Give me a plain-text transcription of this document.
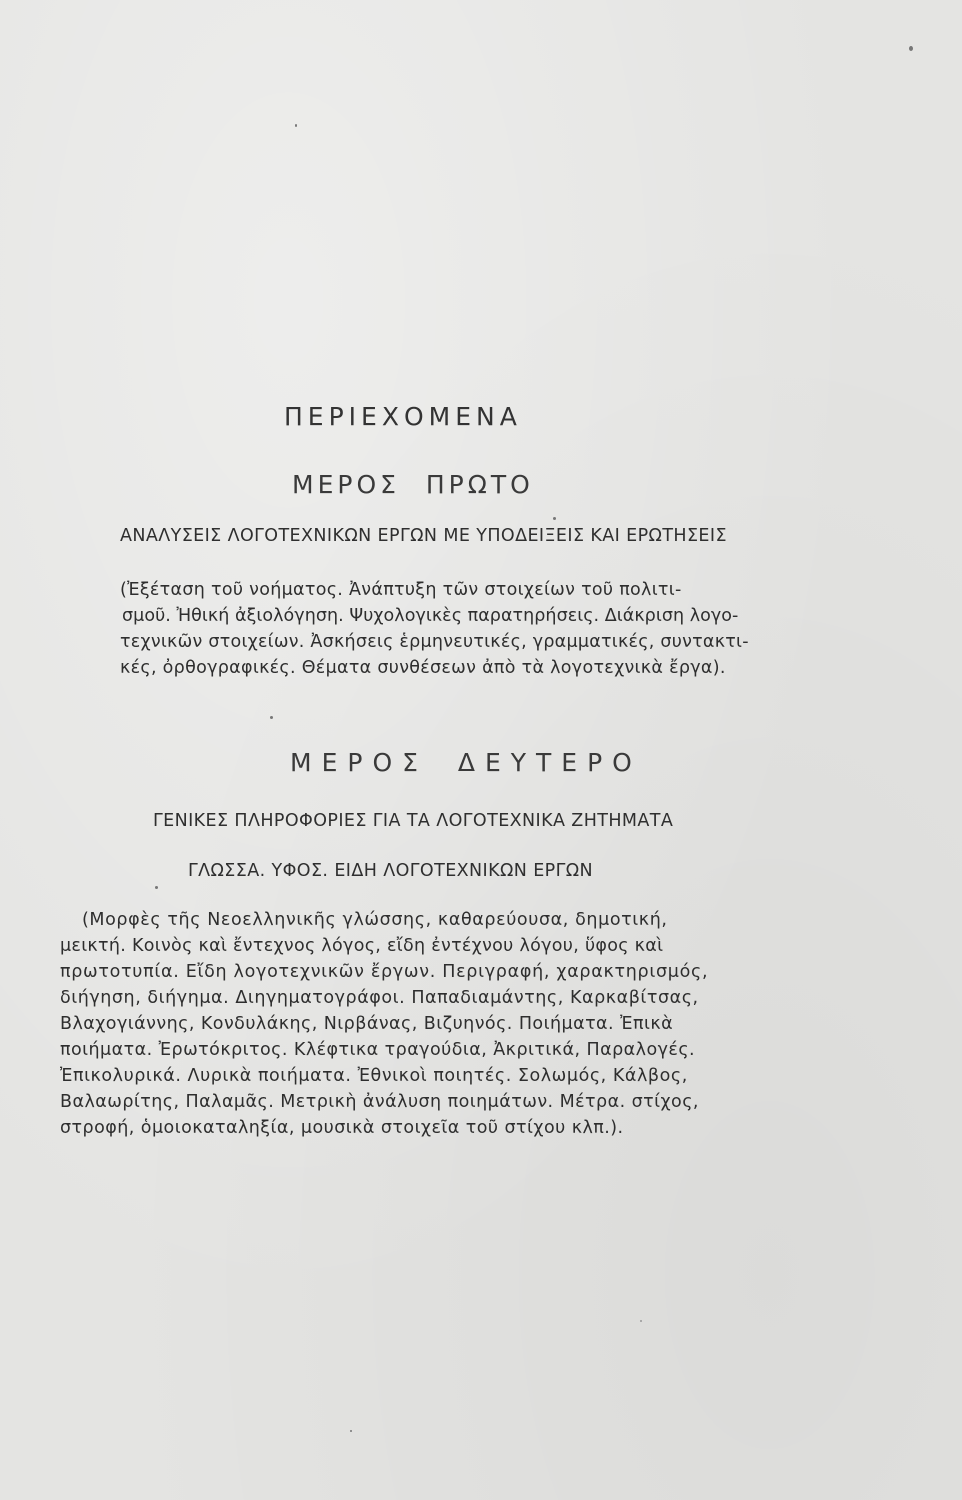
ΠΕΡΙΕΧΟΜΕΝΑ
ΜΕΡΟΣ ΠΡΩΤΟ
ΑΝΑΛΥΣΕΙΣ ΛΟΓΟΤΕΧΝΙΚΩΝ ΕΡΓΩΝ ΜΕ ΥΠΟΔΕΙΞΕΙΣ ΚΑΙ ΕΡΩΤΗΣΕΙΣ
(Ἐξέταση τοῦ νοήματος. Ἀνάπτυξη τῶν στοιχείων τοῦ πολιτι-
σμοῦ. Ἠθική ἀξιολόγηση. Ψυχολογικὲς παρατηρήσεις. Διάκριση λογο-
τεχνικῶν στοιχείων. Ἀσκήσεις ἑρμηνευτικές, γραμματικές, συντακτι-
κές, ὀρθογραφικές. Θέματα συνθέσεων ἀπὸ τὰ λογοτεχνικὰ ἔργα).
ΜΕΡΟΣ ΔΕΥΤΕΡΟ
ΓΕΝΙΚΕΣ ΠΛΗΡΟΦΟΡΙΕΣ ΓΙΑ ΤΑ ΛΟΓΟΤΕΧΝΙΚΑ ΖΗΤΗΜΑΤΑ
ΓΛΩΣΣΑ. ΥΦΟΣ. ΕΙΔΗ ΛΟΓΟΤΕΧΝΙΚΩΝ ΕΡΓΩΝ
(Μορφὲς τῆς Νεοελληνικῆς γλώσσης, καθαρεύουσα, δημοτική,
μεικτή. Κοινὸς καὶ ἔντεχνος λόγος, εἴδη ἐντέχνου λόγου, ὕφος καὶ
πρωτοτυπία. Εἴδη λογοτεχνικῶν ἔργων. Περιγραφή, χαρακτηρισμός,
διήγηση, διήγημα. Διηγηματογράφοι. Παπαδιαμάντης, Καρκαβίτσας,
Βλαχογιάννης, Κονδυλάκης, Νιρβάνας, Βιζυηνός. Ποιήματα. Ἐπικὰ
ποιήματα. Ἐρωτόκριτος. Κλέφτικα τραγούδια, Ἀκριτικά, Παραλογές.
Ἐπικολυρικά. Λυρικὰ ποιήματα. Ἐθνικοὶ ποιητές. Σολωμός, Κάλβος,
Βαλαωρίτης, Παλαμᾶς. Μετρικὴ ἀνάλυση ποιημάτων. Μέτρα. στίχος,
στροφή, ὁμοιοκαταληξία, μουσικὰ στοιχεῖα τοῦ στίχου κλπ.).
